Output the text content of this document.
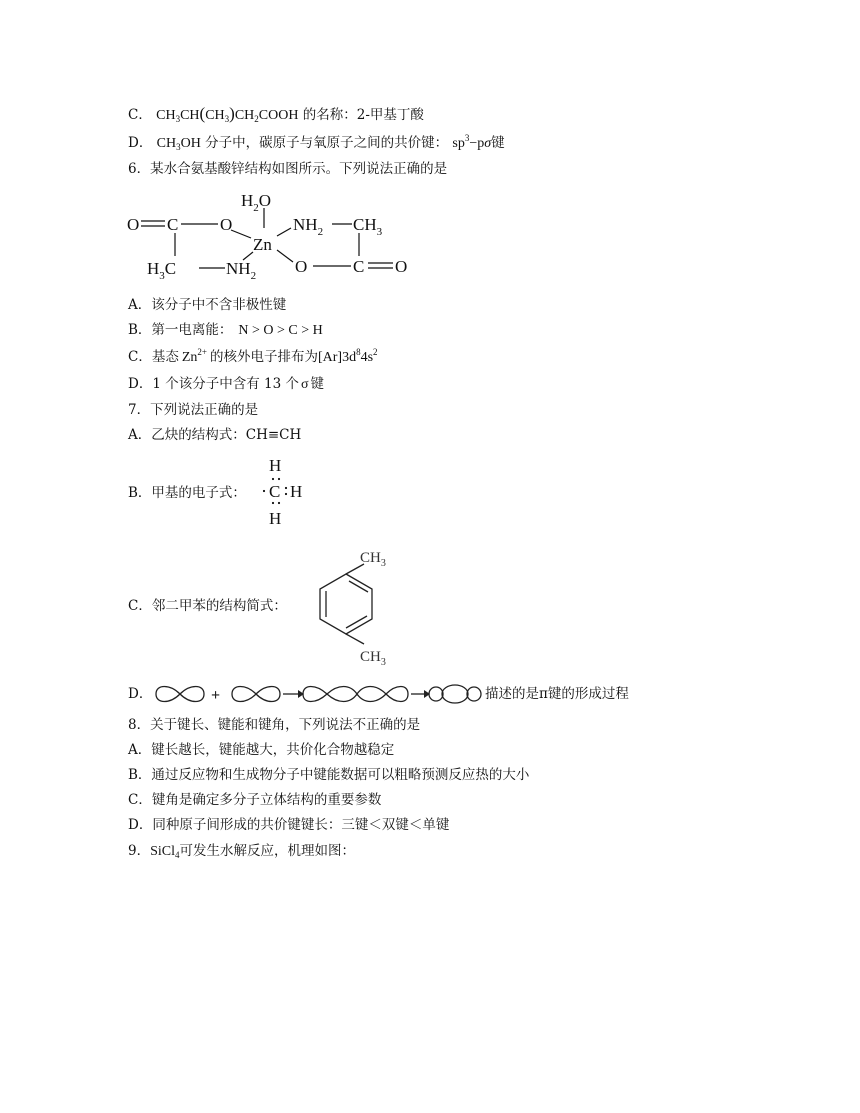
C． $CH_3CH(CH_3)CH_2COOH$ 的名称：2-甲基丁酸
D． $CH_3OH$ 分子中，碳原子与氧原子之间的共价键： $sp^3-p\sigma$键
6．某水合氨基酸锌结构如图所示。下列说法正确的是
O C O
$H_2O$
Zn
$NH_2$ $CH_3$
$H_3C$	$NH_2$ O	C O
A．该分子中不含非极性键
B．第一电离能： N > O > C > H
C．基态 $Zn^{2+}$ 的核外电子排布为$[Ar]3d^84s^2$
D．1 个该分子中含有 13 个 σ 键
7．下列说法正确的是
A．乙炔的结构式：CH≡CH
B．甲基的电子式：
H
C H
H
C．邻二甲苯的结构简式：
$CH_3$
$CH_3$
D．	+	描述的是π键的形成过程
8．关于键长、键能和键角，下列说法不正确的是
A．键长越长，键能越大，共价化合物越稳定
B．通过反应物和生成物分子中键能数据可以粗略预测反应热的大小
C．键角是确定多分子立体结构的重要参数
D．同种原子间形成的共价键键长：三键＜双键＜单键
9．SiCl$_4$可发生水解反应，机理如图：
